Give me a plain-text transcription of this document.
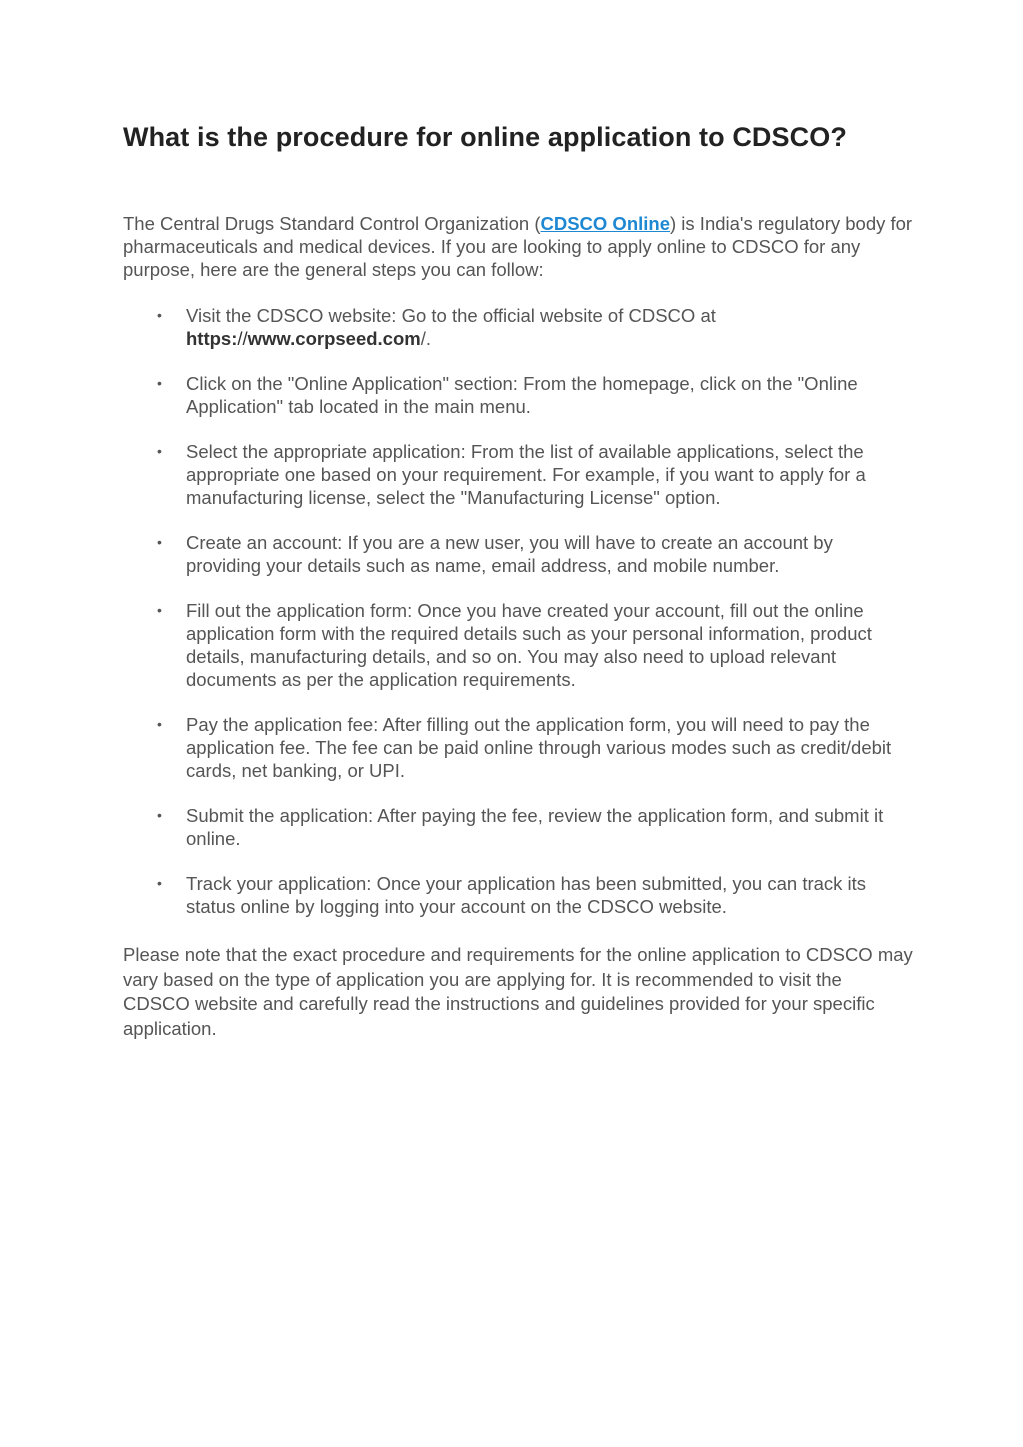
What is the procedure for online application to CDSCO?

The Central Drugs Standard Control Organization (CDSCO Online) is India's regulatory body for pharmaceuticals and medical devices. If you are looking to apply online to CDSCO for any purpose, here are the general steps you can follow:

• Visit the CDSCO website: Go to the official website of CDSCO at https://www.corpseed.com/.
• Click on the "Online Application" section: From the homepage, click on the "Online Application" tab located in the main menu.
• Select the appropriate application: From the list of available applications, select the appropriate one based on your requirement. For example, if you want to apply for a manufacturing license, select the "Manufacturing License" option.
• Create an account: If you are a new user, you will have to create an account by providing your details such as name, email address, and mobile number.
• Fill out the application form: Once you have created your account, fill out the online application form with the required details such as your personal information, product details, manufacturing details, and so on. You may also need to upload relevant documents as per the application requirements.
• Pay the application fee: After filling out the application form, you will need to pay the application fee. The fee can be paid online through various modes such as credit/debit cards, net banking, or UPI.
• Submit the application: After paying the fee, review the application form, and submit it online.
• Track your application: Once your application has been submitted, you can track its status online by logging into your account on the CDSCO website.

Please note that the exact procedure and requirements for the online application to CDSCO may vary based on the type of application you are applying for. It is recommended to visit the CDSCO website and carefully read the instructions and guidelines provided for your specific application.
